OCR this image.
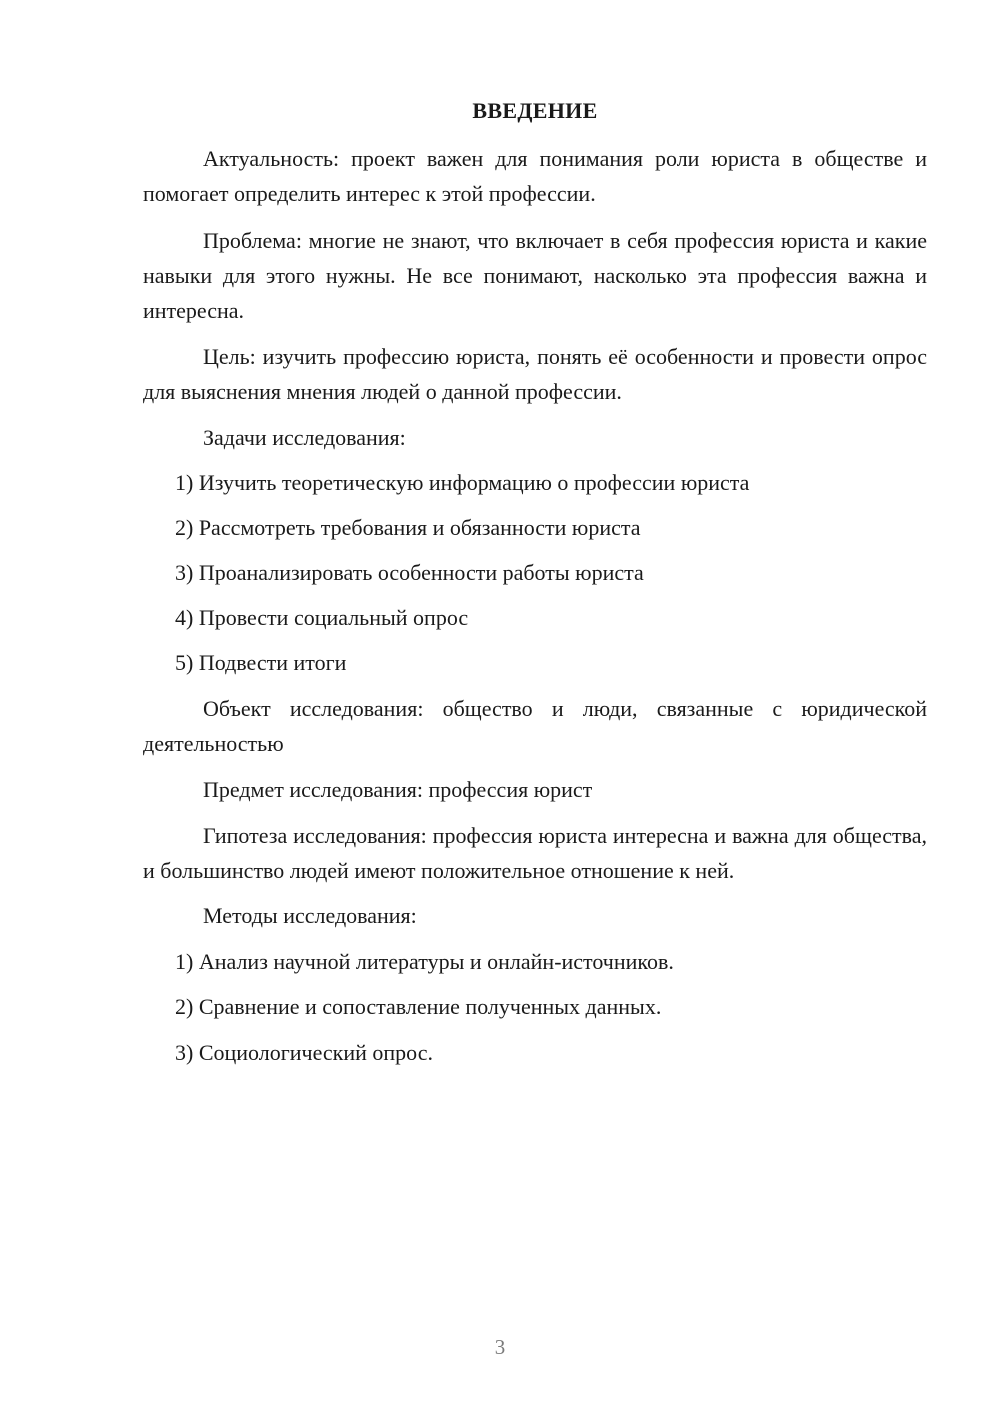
ВВЕДЕНИЕ

Актуальность: проект важен для понимания роли юриста в обществе и помогает определить интерес к этой профессии.

Проблема: многие не знают, что включает в себя профессия юриста и какие навыки для этого нужны. Не все понимают, насколько эта профессия важна и интересна.

Цель: изучить профессию юриста, понять её особенности и провести опрос для выяснения мнения людей о данной профессии.

Задачи исследования:

1) Изучить теоретическую информацию о профессии юриста
2) Рассмотреть требования и обязанности юриста
3) Проанализировать особенности работы юриста
4) Провести социальный опрос
5) Подвести итоги

Объект исследования: общество и люди, связанные с юридической деятельностью

Предмет исследования: профессия юрист

Гипотеза исследования: профессия юриста интересна и важна для общества, и большинство людей имеют положительное отношение к ней.

Методы исследования:

1) Анализ научной литературы и онлайн-источников.
2) Сравнение и сопоставление полученных данных.
3) Социологический опрос.
3
